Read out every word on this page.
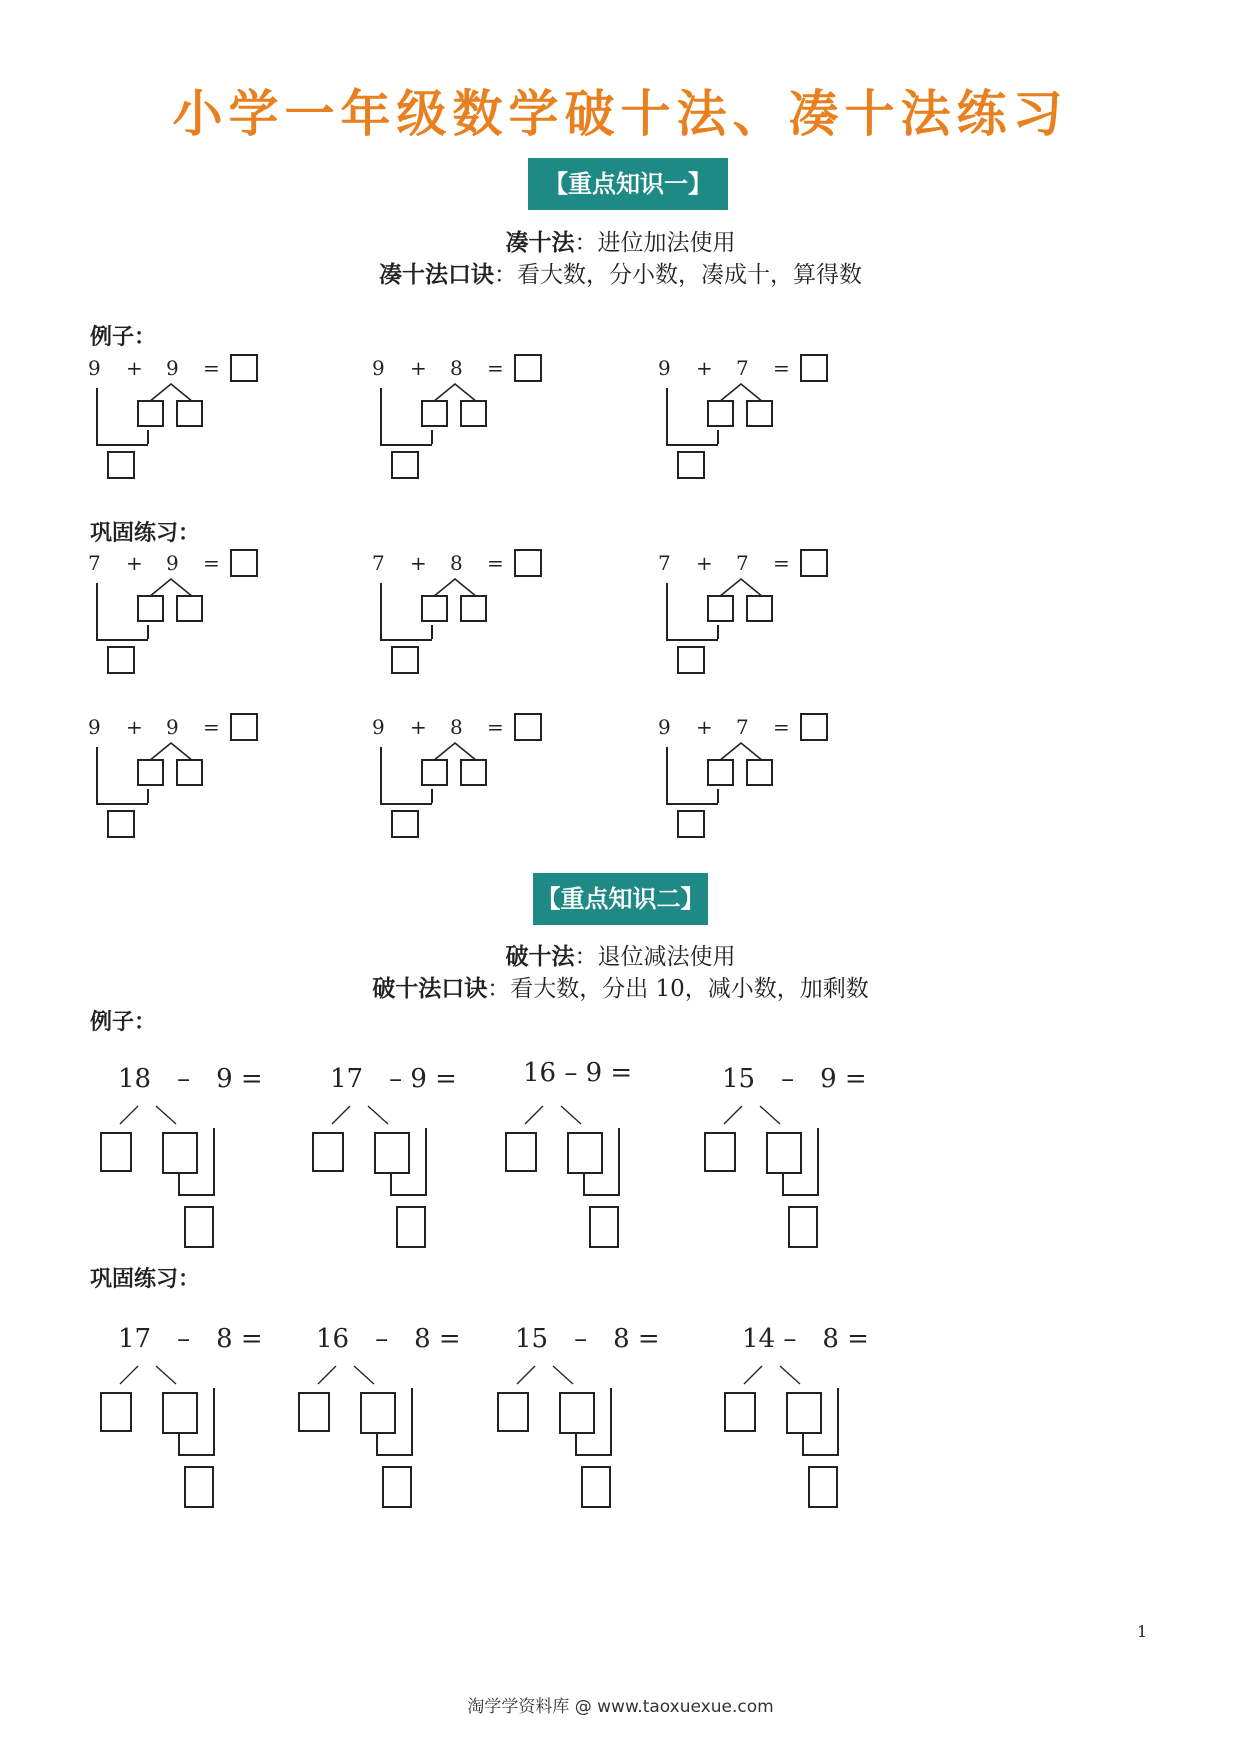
小学一年级数学破十法、凑十法练习
【重点知识一】
凑十法：进位加法使用
凑十法口诀：看大数，分小数，凑成十，算得数
例子：
巩固练习：
9 + 9 =	9 + 8 =	9 + 7 =
7 + 9 =	7 + 8 =	7 + 7 =
9 + 9 =	9 + 8 =	9 + 7 =
【重点知识二】
破十法：退位减法使用
破十法口诀：看大数，分出 10，减小数，加剩数
例子：
巩固练习：
18　–　9 =	17　– 9 =	16 – 9 =	15　–　9 =
17　–　8 = 16　–　8 = 15　–　8 =	14 –　8 =
1
淘学学资料库 @ www.taoxuexue.com
